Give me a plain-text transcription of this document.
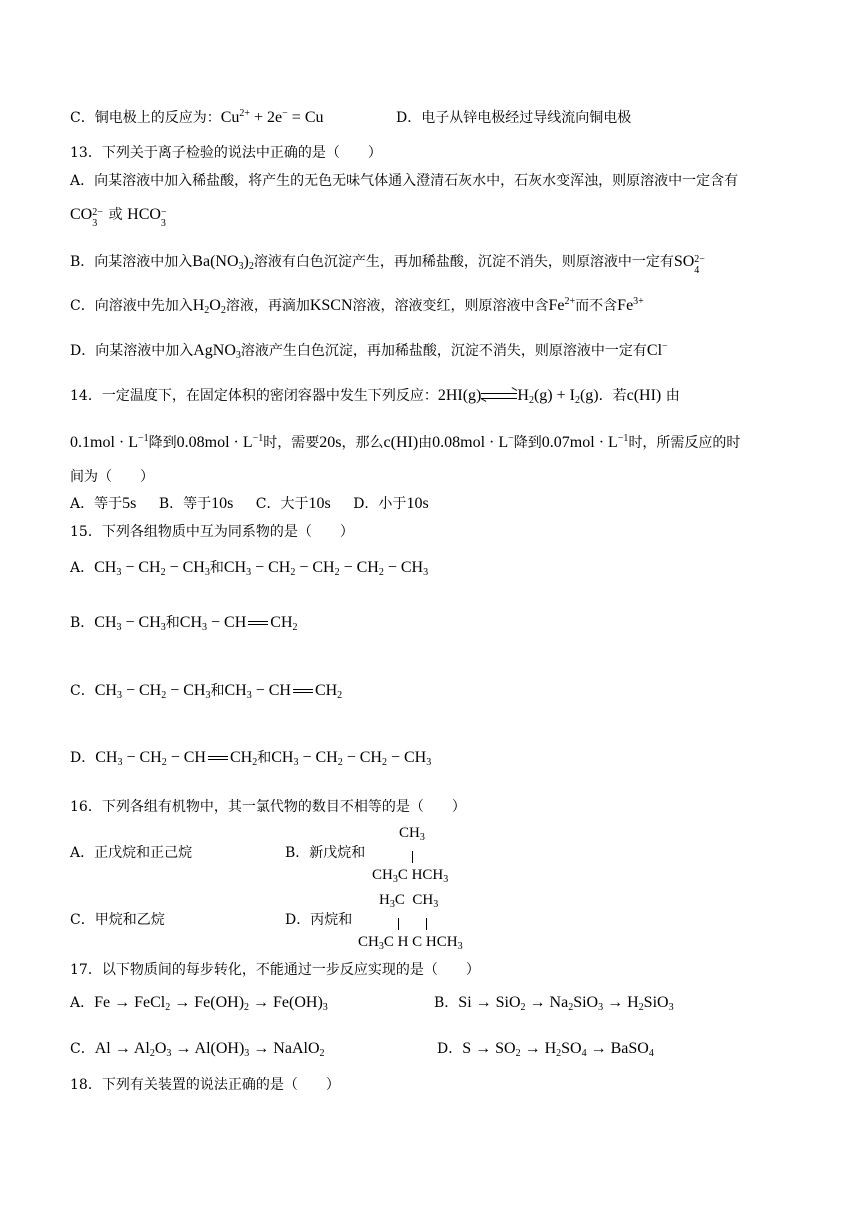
C．铜电极上的反应为：$Cu^{2+} + 2e^- = Cu$	D．电子从锌电极经过导线流向铜电极
13．下列关于离子检验的说法中正确的是（　　）
A．向某溶液中加入稀盐酸，将产生的无色无味气体通入澄清石灰水中，石灰水变浑浊，则原溶液中一定含有
CO 2−
3
或 HCO −
3
B．向某溶液中加入$Ba(NO_3)_2$溶液有白色沉淀产生，再加稀盐酸，沉淀不消失，则原溶液中一定有SO 2−
4
C．向溶液中先加入$H_2O_2$溶液，再滴加KSCN溶液，溶液变红，则原溶液中含$Fe^{2+}$而不含$Fe^{3+}$
D．向某溶液中加入AgNO$_3$溶液产生白色沉淀，再加稀盐酸，沉淀不消失，则原溶液中一定有Cl−
14．一定温度下，在固定体积的密闭容器中发生下列反应：$2HI(g)\rightleftharpoons H_2(g) + I_2(g)$．若c(HI) 由
$0.1mol \cdot L^{-1}$降到$0.08mol \cdot L^{-1}$时，需要20s，那么c(HI)由0.08mol · L−降到$0.07mol \cdot L^{-1}$时，所需反应的时
间为（　　）
A．等于5s B．等于10s C．大于10s D．小于10s
15．下列各组物质中互为同系物的是（　　）
A．$CH_3 - CH_2 - CH_3$和$CH_3 - CH_2 - CH_2 - CH_2 - CH_3$
B．$CH_3 - CH_3$和$CH_3$ − CH $CH_2$
C．$CH_3 - CH_2 - CH_3$和$CH_3$ − CH $CH_2$
D．$CH_3 - CH_2$ − CH $CH_2$和$CH_3 - CH_2 - CH_2 - CH_3$
16．下列各组有机物中，其一氯代物的数目不相等的是（　　）
A．正戊烷和正己烷	B．新戊烷和
$CH_3$
$CH_3C$ $HCH_3$
C．甲烷和乙烷	D．丙烷和
$H_3C$ $CH_3$
$CH_3C$ H C $HCH_3$
17．以下物质间的每步转化，不能通过一步反应实现的是（　　）
A．Fe → FeCl$_2$ → $Fe(OH)_2 \to Fe(OH)_3$	B．$Si \to SiO_2 \to Na_2SiO_3 \to H_2SiO_3$
C．$Al \to Al_2O_3 \to Al(OH)_3$ → NaAlO$_2$	D．$S \to SO_2 \to H_2SO_4$ → BaSO$_4$
18．下列有关装置的说法正确的是（　　）
